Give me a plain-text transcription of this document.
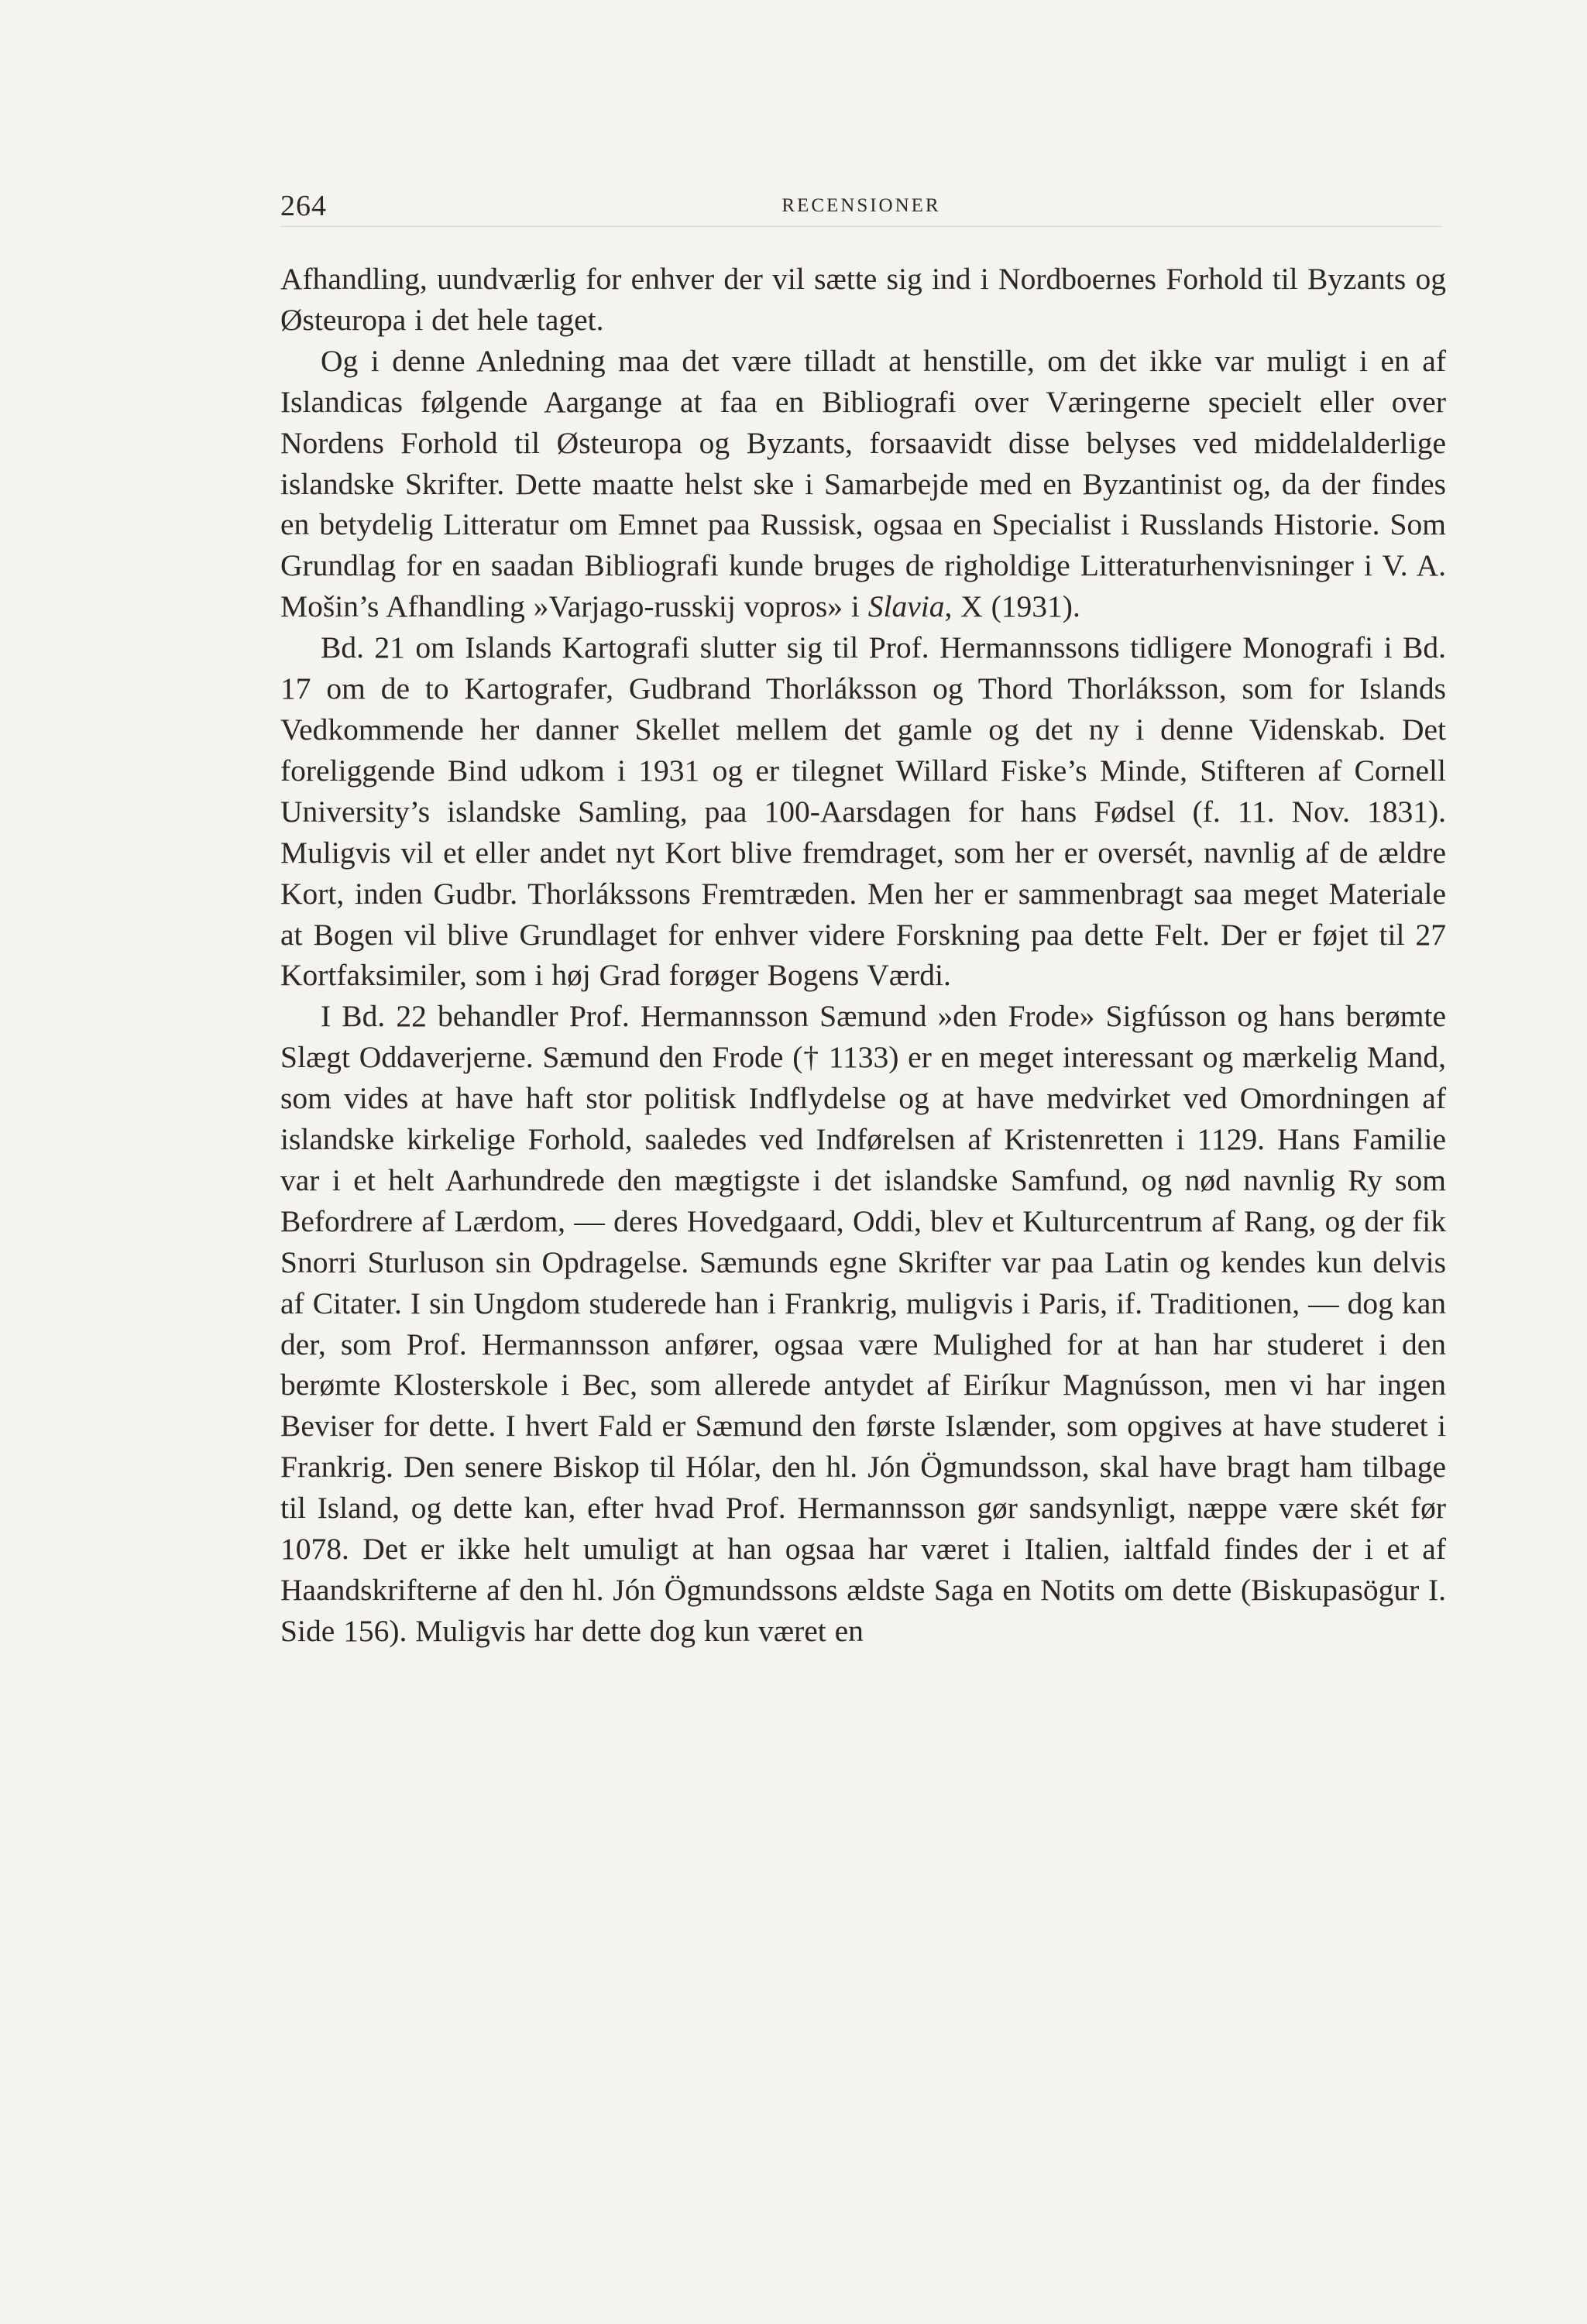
264	RECENSIONER

Afhandling, uundværlig for enhver der vil sætte sig ind i Nordboernes Forhold til Byzants og Østeuropa i det hele taget.

Og i denne Anledning maa det være tilladt at henstille, om det ikke var muligt i en af Islandicas følgende Aargange at faa en Bibliografi over Væringerne specielt eller over Nordens Forhold til Østeuropa og Byzants, forsaavidt disse belyses ved middelalderlige islandske Skrifter. Dette maatte helst ske i Samarbejde med en Byzantinist og, da der findes en betydelig Litteratur om Emnet paa Russisk, ogsaa en Specialist i Russlands Historie. Som Grundlag for en saadan Bibliografi kunde bruges de righoldige Litteraturhenvisninger i V. A. Mošin’s Afhandling »Varjago-russkij vopros» i Slavia, X (1931).

Bd. 21 om Islands Kartografi slutter sig til Prof. Hermannssons tidligere Monografi i Bd. 17 om de to Kartografer, Gudbrand Thorláksson og Thord Thorláksson, som for Islands Vedkommende her danner Skellet mellem det gamle og det ny i denne Videnskab. Det foreliggende Bind udkom i 1931 og er tilegnet Willard Fiske’s Minde, Stifteren af Cornell University’s islandske Samling, paa 100-Aarsdagen for hans Fødsel (f. 11. Nov. 1831). Muligvis vil et eller andet nyt Kort blive fremdraget, som her er oversét, navnlig af de ældre Kort, inden Gudbr. Thorlákssons Fremtræden. Men her er sammenbragt saa meget Materiale at Bogen vil blive Grundlaget for enhver videre Forskning paa dette Felt. Der er føjet til 27 Kortfaksimiler, som i høj Grad forøger Bogens Værdi.

I Bd. 22 behandler Prof. Hermannsson Sæmund »den Frode» Sigfússon og hans berømte Slægt Oddaverjerne. Sæmund den Frode († 1133) er en meget interessant og mærkelig Mand, som vides at have haft stor politisk Indflydelse og at have medvirket ved Omordningen af islandske kirkelige Forhold, saaledes ved Indførelsen af Kristenretten i 1129. Hans Familie var i et helt Aarhundrede den mægtigste i det islandske Samfund, og nød navnlig Ry som Befordrere af Lærdom, — deres Hovedgaard, Oddi, blev et Kulturcentrum af Rang, og der fik Snorri Sturluson sin Opdragelse. Sæmunds egne Skrifter var paa Latin og kendes kun delvis af Citater. I sin Ungdom studerede han i Frankrig, muligvis i Paris, if. Traditionen, — dog kan der, som Prof. Hermannsson anfører, ogsaa være Mulighed for at han har studeret i den berømte Klosterskole i Bec, som allerede antydet af Eiríkur Magnússon, men vi har ingen Beviser for dette. I hvert Fald er Sæmund den første Islænder, som opgives at have studeret i Frankrig. Den senere Biskop til Hólar, den hl. Jón Ögmundsson, skal have bragt ham tilbage til Island, og dette kan, efter hvad Prof. Hermannsson gør sandsynligt, næppe være skét før 1078. Det er ikke helt umuligt at han ogsaa har været i Italien, ialtfald findes der i et af Haandskrifterne af den hl. Jón Ögmundssons ældste Saga en Notits om dette (Biskupasögur I. Side 156). Muligvis har dette dog kun været en
